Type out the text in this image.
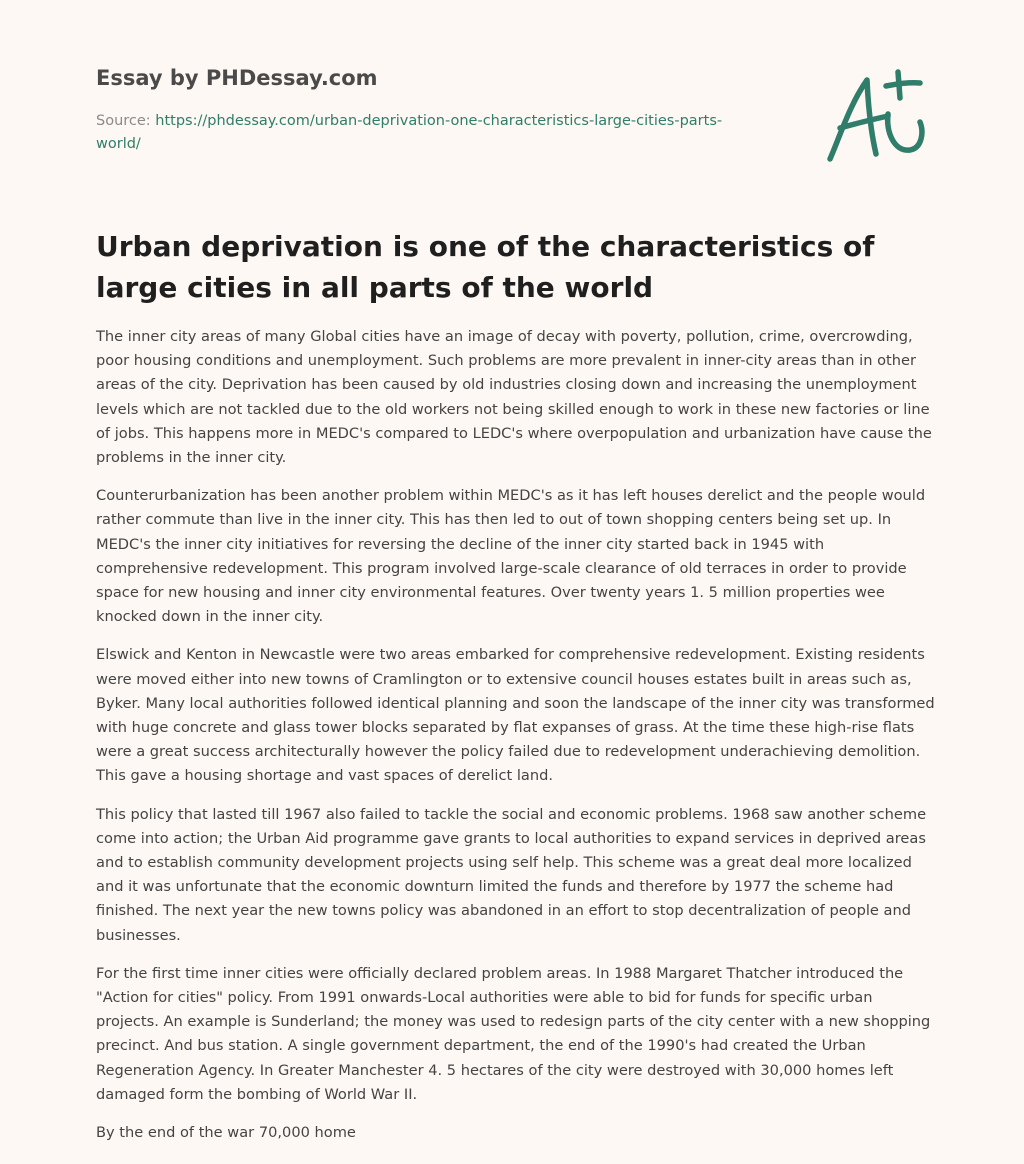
Essay by PHDessay.com
Source: https://phdessay.com/urban-deprivation-one-characteristics-large-cities-parts-world/
Urban deprivation is one of the characteristics of large cities in all parts of the world

The inner city areas of many Global cities have an image of decay with poverty, pollution, crime, overcrowding, poor housing conditions and unemployment. Such problems are more prevalent in inner-city areas than in other areas of the city. Deprivation has been caused by old industries closing down and increasing the unemployment levels which are not tackled due to the old workers not being skilled enough to work in these new factories or line of jobs. This happens more in MEDC's compared to LEDC's where overpopulation and urbanization have cause the problems in the inner city.

Counterurbanization has been another problem within MEDC's as it has left houses derelict and the people would rather commute than live in the inner city. This has then led to out of town shopping centers being set up. In MEDC's the inner city initiatives for reversing the decline of the inner city started back in 1945 with comprehensive redevelopment. This program involved large-scale clearance of old terraces in order to provide space for new housing and inner city environmental features. Over twenty years 1. 5 million properties wee knocked down in the inner city.

Elswick and Kenton in Newcastle were two areas embarked for comprehensive redevelopment. Existing residents were moved either into new towns of Cramlington or to extensive council houses estates built in areas such as, Byker. Many local authorities followed identical planning and soon the landscape of the inner city was transformed with huge concrete and glass tower blocks separated by flat expanses of grass. At the time these high-rise flats were a great success architecturally however the policy failed due to redevelopment underachieving demolition. This gave a housing shortage and vast spaces of derelict land.

This policy that lasted till 1967 also failed to tackle the social and economic problems. 1968 saw another scheme come into action; the Urban Aid programme gave grants to local authorities to expand services in deprived areas and to establish community development projects using self help. This scheme was a great deal more localized and it was unfortunate that the economic downturn limited the funds and therefore by 1977 the scheme had finished. The next year the new towns policy was abandoned in an effort to stop decentralization of people and businesses.

For the first time inner cities were officially declared problem areas. In 1988 Margaret Thatcher introduced the "Action for cities" policy. From 1991 onwards-Local authorities were able to bid for funds for specific urban projects. An example is Sunderland; the money was used to redesign parts of the city center with a new shopping precinct. And bus station. A single government department, the end of the 1990's had created the Urban Regeneration Agency. In Greater Manchester 4. 5 hectares of the city were destroyed with 30,000 homes left damaged form the bombing of World War II.

By the end of the war 70,000 home
